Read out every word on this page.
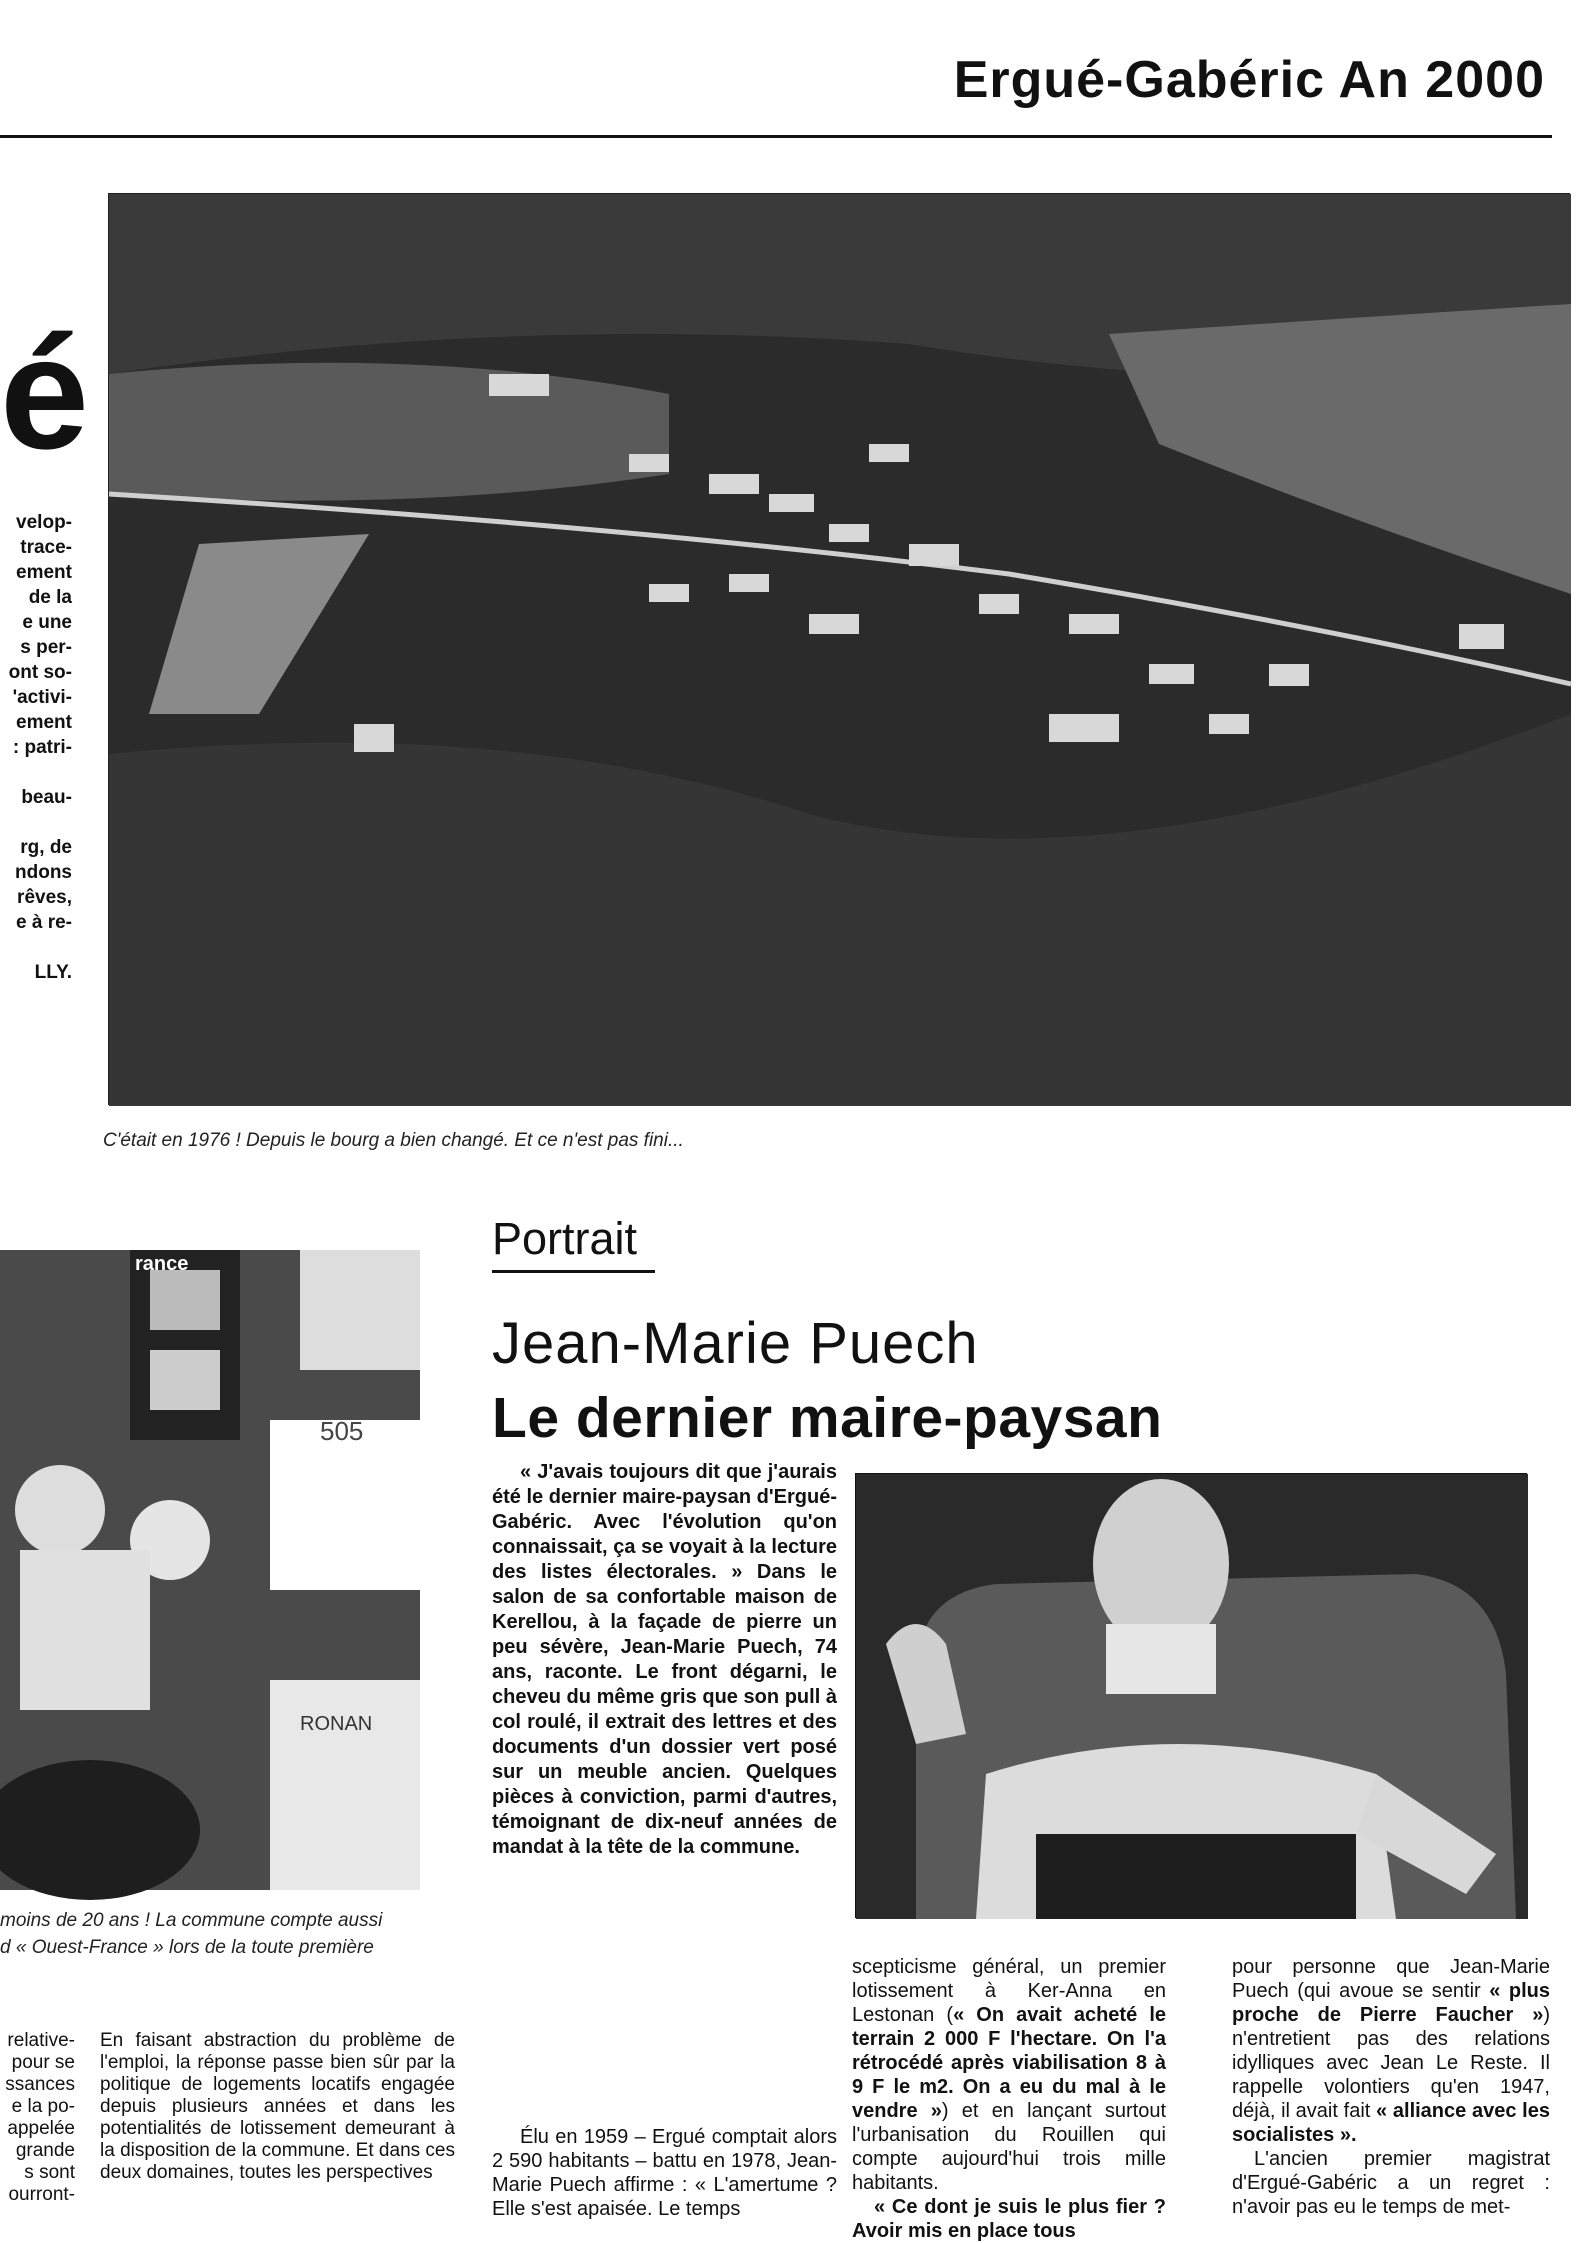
Ergué-Gabéric An 2000
é
velop-
trace-
ement
de la
e une
s per-
ont so-
'activi-
ement
: patri-
beau-
rg, de
ndons
rêves,
e à re-
LLY.
C'était en 1976 ! Depuis le bourg a bien changé. Et ce n'est pas fini...
505
rance
RONAN
moins de 20 ans ! La commune compte aussi
d « Ouest-France » lors de la toute première
relative-
pour se
ssances
e la po-
appelée
grande
s sont
ourront-
En faisant abstraction du problème de l'emploi, la réponse passe bien sûr par la politique de logements locatifs engagée depuis plusieurs années et dans les potentialités de lotissement demeurant à la disposition de la commune. Et dans ces deux domaines, toutes les perspectives
Portrait
Jean-Marie Puech
Le dernier maire-paysan

« J'avais toujours dit que j'aurais été le dernier maire-paysan d'Ergué-Gabéric. Avec l'évolution qu'on connaissait, ça se voyait à la lecture des listes électorales. » Dans le salon de sa confortable maison de Kerellou, à la façade de pierre un peu sévère, Jean-Marie Puech, 74 ans, raconte. Le front dégarni, le cheveu du même gris que son pull à col roulé, il extrait des lettres et des documents d'un dossier vert posé sur un meuble ancien. Quelques pièces à conviction, parmi d'autres, témoignant de dix-neuf années de mandat à la tête de la commune.

Élu en 1959 – Ergué comptait alors 2 590 habitants – battu en 1978, Jean-Marie Puech affirme : « L'amertume ? Elle s'est apaisée. Le temps

scepticisme général, un premier lotissement à Ker-Anna en Lestonan (« On avait acheté le terrain 2 000 F l'hectare. On l'a rétrocédé après viabilisation 8 à 9 F le m2. On a eu du mal à le vendre ») et en lançant surtout l'urbanisation du Rouillen qui compte aujourd'hui trois mille habitants.

« Ce dont je suis le plus fier ? Avoir mis en place tous

pour personne que Jean-Marie Puech (qui avoue se sentir « plus proche de Pierre Faucher ») n'entretient pas des relations idylliques avec Jean Le Reste. Il rappelle volontiers qu'en 1947, déjà, il avait fait « alliance avec les socialistes ».

L'ancien premier magistrat d'Ergué-Gabéric a un regret : n'avoir pas eu le temps de met-
